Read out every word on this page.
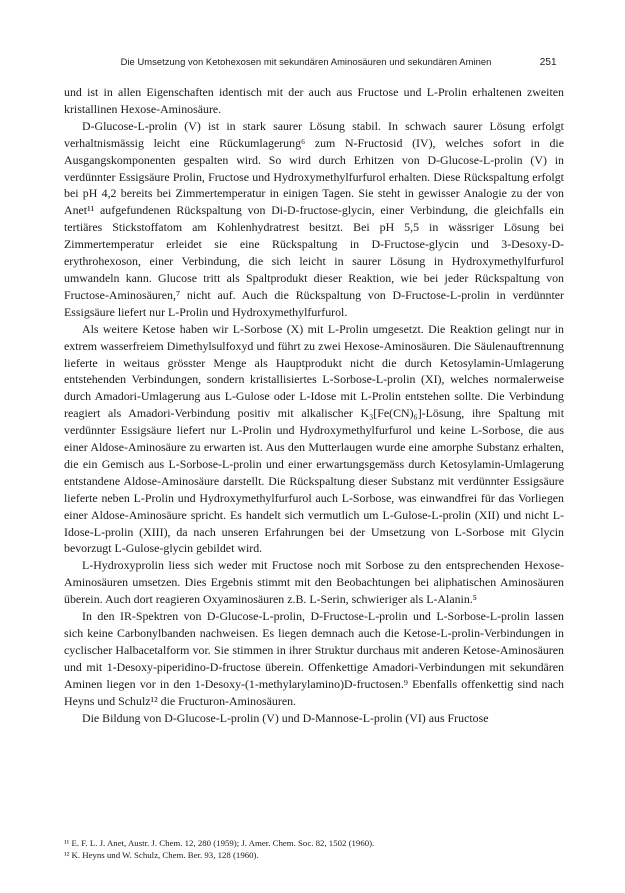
Die Umsetzung von Ketohexosen mit sekundären Aminosäuren und sekundären Aminen	251

und ist in allen Eigenschaften identisch mit der auch aus Fructose und L-Prolin erhaltenen zweiten kristallinen Hexose-Aminosäure.

D-Glucose-L-prolin (V) ist in stark saurer Lösung stabil. In schwach saurer Lösung erfolgt verhaltnismässig leicht eine Rückumlagerung⁶ zum N-Fructosid (IV), welches sofort in die Ausgangskomponenten gespalten wird. So wird durch Erhitzen von D-Glucose-L-prolin (V) in verdünnter Essigsäure Prolin, Fructose und Hydroxymethylfurfurol erhalten. Diese Rückspaltung erfolgt bei pH 4,2 bereits bei Zimmertemperatur in einigen Tagen. Sie steht in gewisser Analogie zu der von Anet¹¹ aufgefundenen Rückspaltung von Di-D-fructose-glycin, einer Verbindung, die gleichfalls ein tertiäres Stickstoffatom am Kohlenhydratrest besitzt. Bei pH 5,5 in wässriger Lösung bei Zimmertemperatur erleidet sie eine Rückspaltung in D-Fructose-glycin und 3-Desoxy-D-erythrohexoson, einer Verbindung, die sich leicht in saurer Lösung in Hydroxymethylfurfurol umwandeln kann. Glucose tritt als Spaltprodukt dieser Reaktion, wie bei jeder Rückspaltung von Fructose-Aminosäuren,⁷ nicht auf. Auch die Rückspaltung von D-Fructose-L-prolin in verdünnter Essigsäure liefert nur L-Prolin und Hydroxymethylfurfurol.

Als weitere Ketose haben wir L-Sorbose (X) mit L-Prolin umgesetzt. Die Reaktion gelingt nur in extrem wasserfreiem Dimethylsulfoxyd und führt zu zwei Hexose-Aminosäuren. Die Säulenauftrennung lieferte in weitaus grösster Menge als Hauptprodukt nicht die durch Ketosylamin-Umlagerung entstehenden Verbindungen, sondern kristallisiertes L-Sorbose-L-prolin (XI), welches normalerweise durch Amadori-Umlagerung aus L-Gulose oder L-Idose mit L-Prolin entstehen sollte. Die Verbindung reagiert als Amadori-Verbindung positiv mit alkalischer K₃[Fe(CN)₆]-Lösung, ihre Spaltung mit verdünnter Essigsäure liefert nur L-Prolin und Hydroxymethylfurfurol und keine L-Sorbose, die aus einer Aldose-Aminosäure zu erwarten ist. Aus den Mutterlaugen wurde eine amorphe Substanz erhalten, die ein Gemisch aus L-Sorbose-L-prolin und einer erwartungsgemäss durch Ketosylamin-Umlagerung entstandene Aldose-Aminosäure darstellt. Die Rückspaltung dieser Substanz mit verdünnter Essigsäure lieferte neben L-Prolin und Hydroxymethylfurfurol auch L-Sorbose, was einwandfrei für das Vorliegen einer Aldose-Aminosäure spricht. Es handelt sich vermutlich um L-Gulose-L-prolin (XII) und nicht L-Idose-L-prolin (XIII), da nach unseren Erfahrungen bei der Umsetzung von L-Sorbose mit Glycin bevorzugt L-Gulose-glycin gebildet wird.

L-Hydroxyprolin liess sich weder mit Fructose noch mit Sorbose zu den entsprechenden Hexose-Aminosäuren umsetzen. Dies Ergebnis stimmt mit den Beobachtungen bei aliphatischen Aminosäuren überein. Auch dort reagieren Oxyaminosäuren z.B. L-Serin, schwieriger als L-Alanin.⁵

In den IR-Spektren von D-Glucose-L-prolin, D-Fructose-L-prolin und L-Sorbose-L-prolin lassen sich keine Carbonylbanden nachweisen. Es liegen demnach auch die Ketose-L-prolin-Verbindungen in cyclischer Halbacetalform vor. Sie stimmen in ihrer Struktur durchaus mit anderen Ketose-Aminosäuren und mit 1-Desoxy-piperidino-D-fructose überein. Offenkettige Amadori-Verbindungen mit sekundären Aminen liegen vor in den 1-Desoxy-(1-methylarylamino)D-fructosen.⁹ Ebenfalls offenkettig sind nach Heyns und Schulz¹² die Fructuron-Aminosäuren.

Die Bildung von D-Glucose-L-prolin (V) und D-Mannose-L-prolin (VI) aus Fructose

¹¹ E. F. L. J. Anet, Austr. J. Chem. 12, 280 (1959); J. Amer. Chem. Soc. 82, 1502 (1960).
¹² K. Heyns und W. Schulz, Chem. Ber. 93, 128 (1960).
